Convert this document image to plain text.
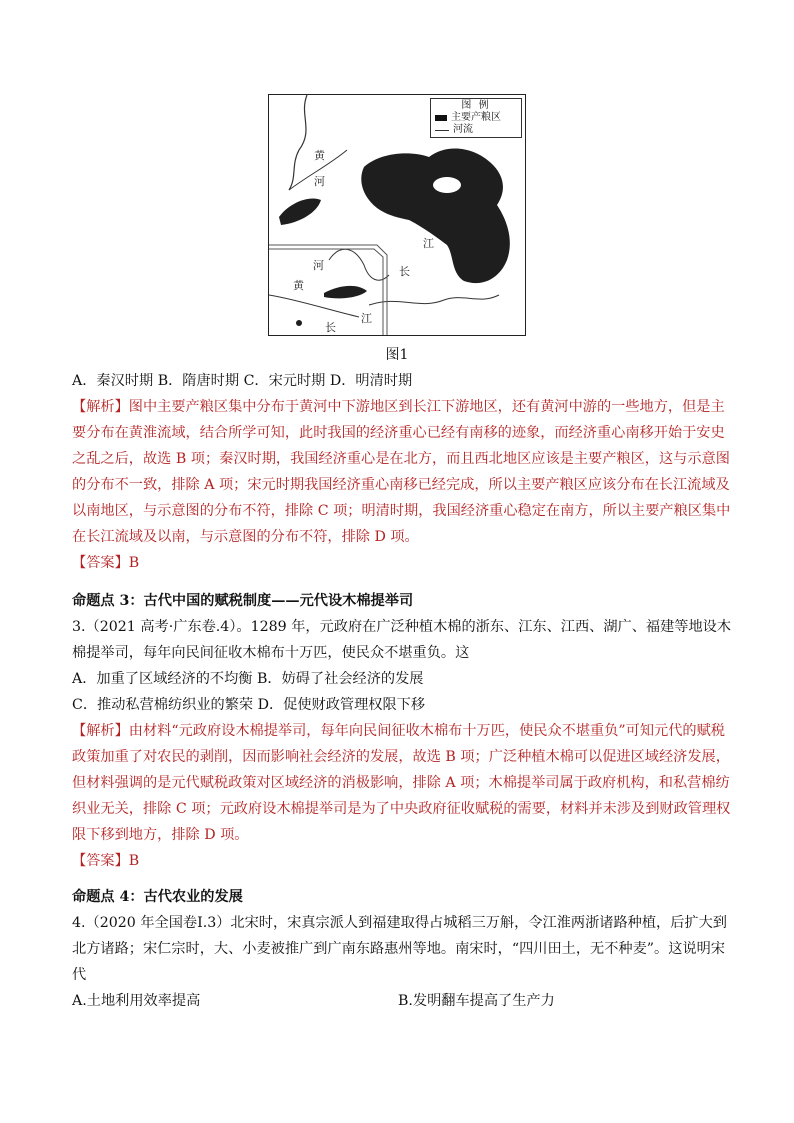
图 例
主要产粮区
河流
黄
河
河
黄
江
长
长
江
图1

A．秦汉时期 B．隋唐时期 C．宋元时期 D．明清时期

【解析】图中主要产粮区集中分布于黄河中下游地区到长江下游地区，还有黄河中游的一些地方，但是主要分布在黄淮流域，结合所学可知，此时我国的经济重心已经有南移的迹象，而经济重心南移开始于安史之乱之后，故选 B 项；秦汉时期，我国经济重心是在北方，而且西北地区应该是主要产粮区，这与示意图的分布不一致，排除 A 项；宋元时期我国经济重心南移已经完成，所以主要产粮区应该分布在长江流域及以南地区，与示意图的分布不符，排除 C 项；明清时期，我国经济重心稳定在南方，所以主要产粮区集中在长江流域及以南，与示意图的分布不符，排除 D 项。

【答案】B

命题点 3：古代中国的赋税制度——元代设木棉提举司

3.（2021 高考·广东卷.4）。1289 年，元政府在广泛种植木棉的浙东、江东、江西、湖广、福建等地设木棉提举司，每年向民间征收木棉布十万匹，使民众不堪重负。这

A．加重了区域经济的不均衡 B．妨碍了社会经济的发展

C．推动私营棉纺织业的繁荣 D．促使财政管理权限下移

【解析】由材料“元政府设木棉提举司，每年向民间征收木棉布十万匹，使民众不堪重负”可知元代的赋税政策加重了对农民的剥削，因而影响社会经济的发展，故选 B 项；广泛种植木棉可以促进区域经济发展，但材料强调的是元代赋税政策对区域经济的消极影响，排除 A 项；木棉提举司属于政府机构，和私营棉纺织业无关，排除 C 项；元政府设木棉提举司是为了中央政府征收赋税的需要，材料并未涉及到财政管理权限下移到地方，排除 D 项。

【答案】B

命题点 4：古代农业的发展

4.（2020 年全国卷Ⅰ.3）北宋时，宋真宗派人到福建取得占城稻三万斛，令江淮两浙诸路种植，后扩大到北方诸路；宋仁宗时，大、小麦被推广到广南东路惠州等地。南宋时，“四川田土，无不种麦”。这说明宋代

A.土地利用效率提高	B.发明翻车提高了生产力
